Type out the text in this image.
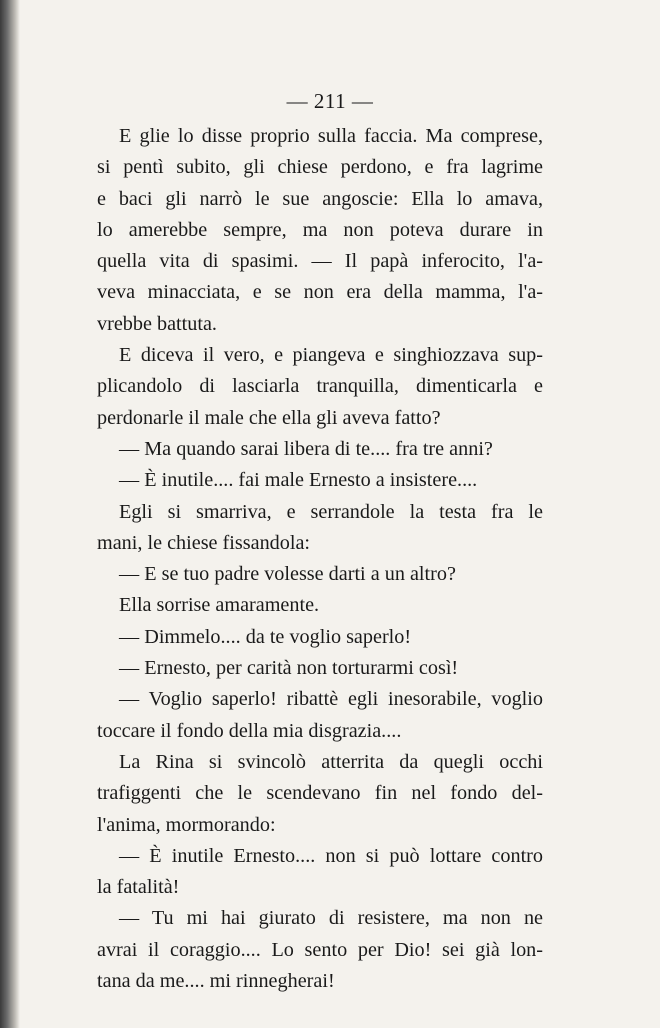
— 211 —
E glie lo disse proprio sulla faccia. Ma comprese,
si pentì subito, gli chiese perdono, e fra lagrime
e baci gli narrò le sue angoscie: Ella lo amava,
lo amerebbe sempre, ma non poteva durare in
quella vita di spasimi. — Il papà inferocito, l'a-
veva minacciata, e se non era della mamma, l'a-
vrebbe battuta.
E diceva il vero, e piangeva e singhiozzava sup-
plicandolo di lasciarla tranquilla, dimenticarla e
perdonarle il male che ella gli aveva fatto?
— Ma quando sarai libera di te.... fra tre anni?
— È inutile.... fai male Ernesto a insistere....
Egli si smarriva, e serrandole la testa fra le
mani, le chiese fissandola:
— E se tuo padre volesse darti a un altro?
Ella sorrise amaramente.
— Dimmelo.... da te voglio saperlo!
— Ernesto, per carità non torturarmi così!
— Voglio saperlo! ribattè egli inesorabile, voglio
toccare il fondo della mia disgrazia....
La Rina si svincolò atterrita da quegli occhi
trafiggenti che le scendevano fin nel fondo del-
l'anima, mormorando:
— È inutile Ernesto.... non si può lottare contro
la fatalità!
— Tu mi hai giurato di resistere, ma non ne
avrai il coraggio.... Lo sento per Dio! sei già lon-
tana da me.... mi rinnegherai!
